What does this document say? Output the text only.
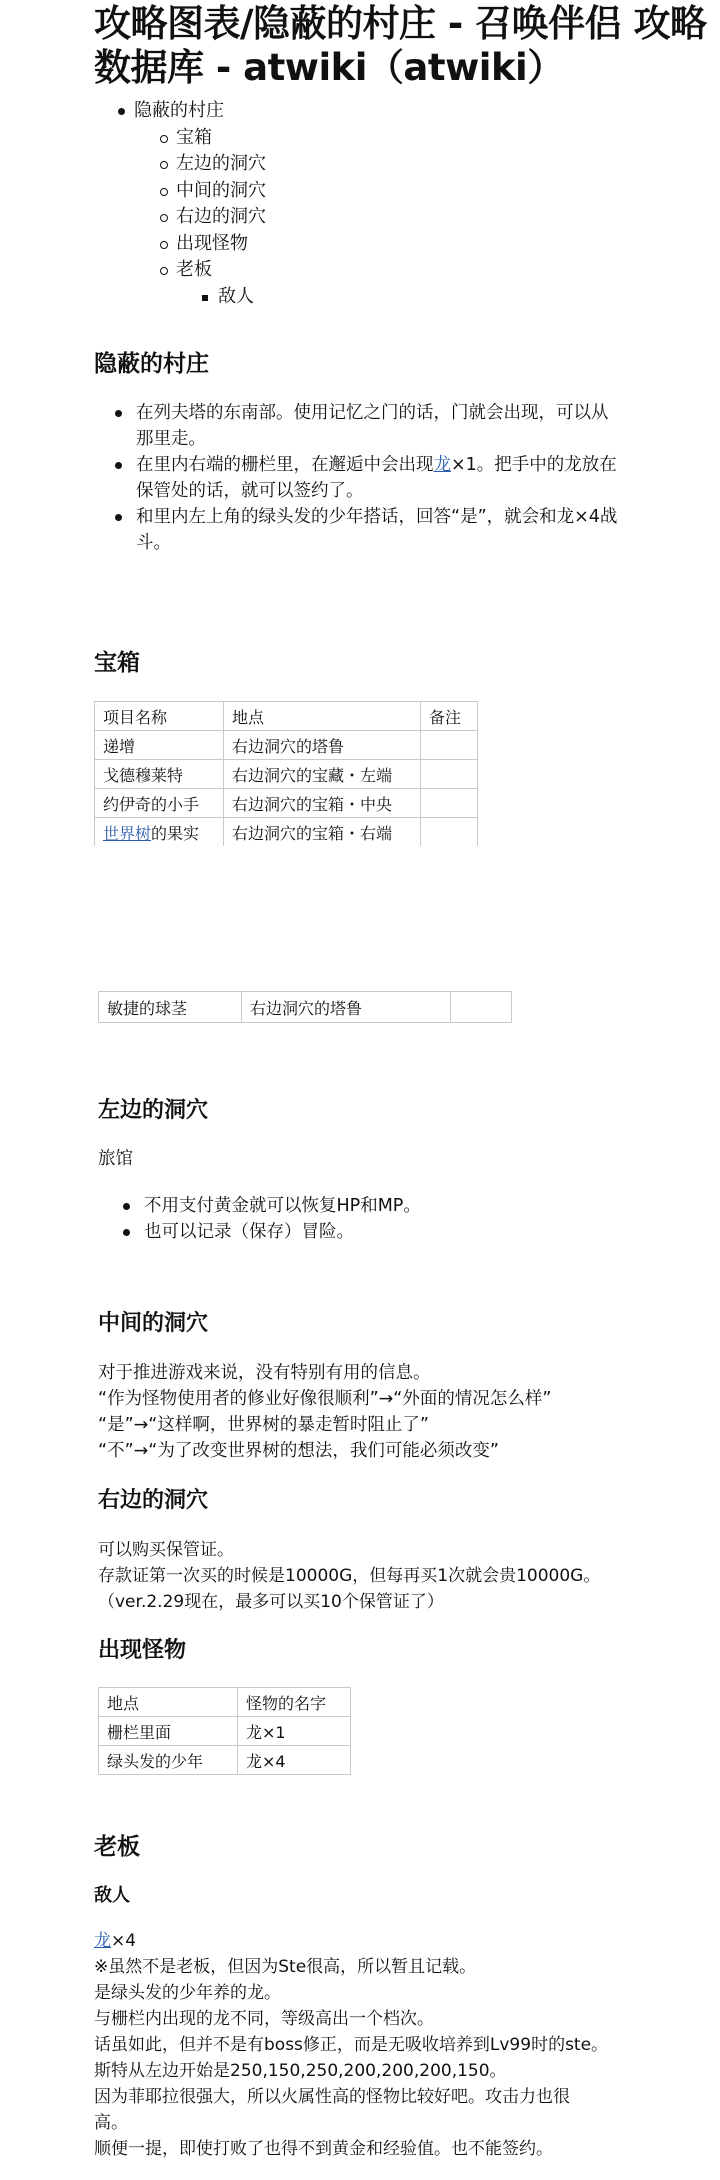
攻略图表/隐蔽的村庄 - 召唤伴侣 攻略数据库 - atwiki（atwiki）
隐蔽的村庄
宝箱
左边的洞穴
中间的洞穴
右边的洞穴
出现怪物
老板
敌人
隐蔽的村庄
在列夫塔的东南部。使用记忆之门的话，门就会出现，可以从
那里走。
在里内右端的栅栏里，在邂逅中会出现龙×1。把手中的龙放在
保管处的话，就可以签约了。
和里内左上角的绿头发的少年搭话，回答“是”，就会和龙×4战
斗。
宝箱
项目名称	地点	备注
递增	右边洞穴的塔鲁	
戈德穆莱特	右边洞穴的宝藏・左端	
约伊奇的小手	右边洞穴的宝箱・中央	
世界树的果实	右边洞穴的宝箱・右端	
敏捷的球茎	右边洞穴的塔鲁	
左边的洞穴

旅馆

不用支付黄金就可以恢复HP和MP。
也可以记录（保存）冒险。
中间的洞穴

对于推进游戏来说，没有特别有用的信息。
“作为怪物使用者的修业好像很顺利”→“外面的情况怎么样”
“是”→“这样啊，世界树的暴走暂时阻止了”
“不”→“为了改变世界树的想法，我们可能必须改变”

右边的洞穴

可以购买保管证。
存款证第一次买的时候是10000G，但每再买1次就会贵10000G。
（ver.2.29现在，最多可以买10个保管证了）

出现怪物
地点	怪物的名字
栅栏里面	龙×1
绿头发的少年	龙×4
老板
敌人

龙×4
※虽然不是老板，但因为Ste很高，所以暂且记载。
是绿头发的少年养的龙。
与栅栏内出现的龙不同，等级高出一个档次。
话虽如此，但并不是有boss修正，而是无吸收培养到Lv99时的ste。
斯特从左边开始是250,150,250,200,200,200,150。
因为菲耶拉很强大，所以火属性高的怪物比较好吧。攻击力也很
高。
顺便一提，即使打败了也得不到黄金和经验值。也不能签约。
